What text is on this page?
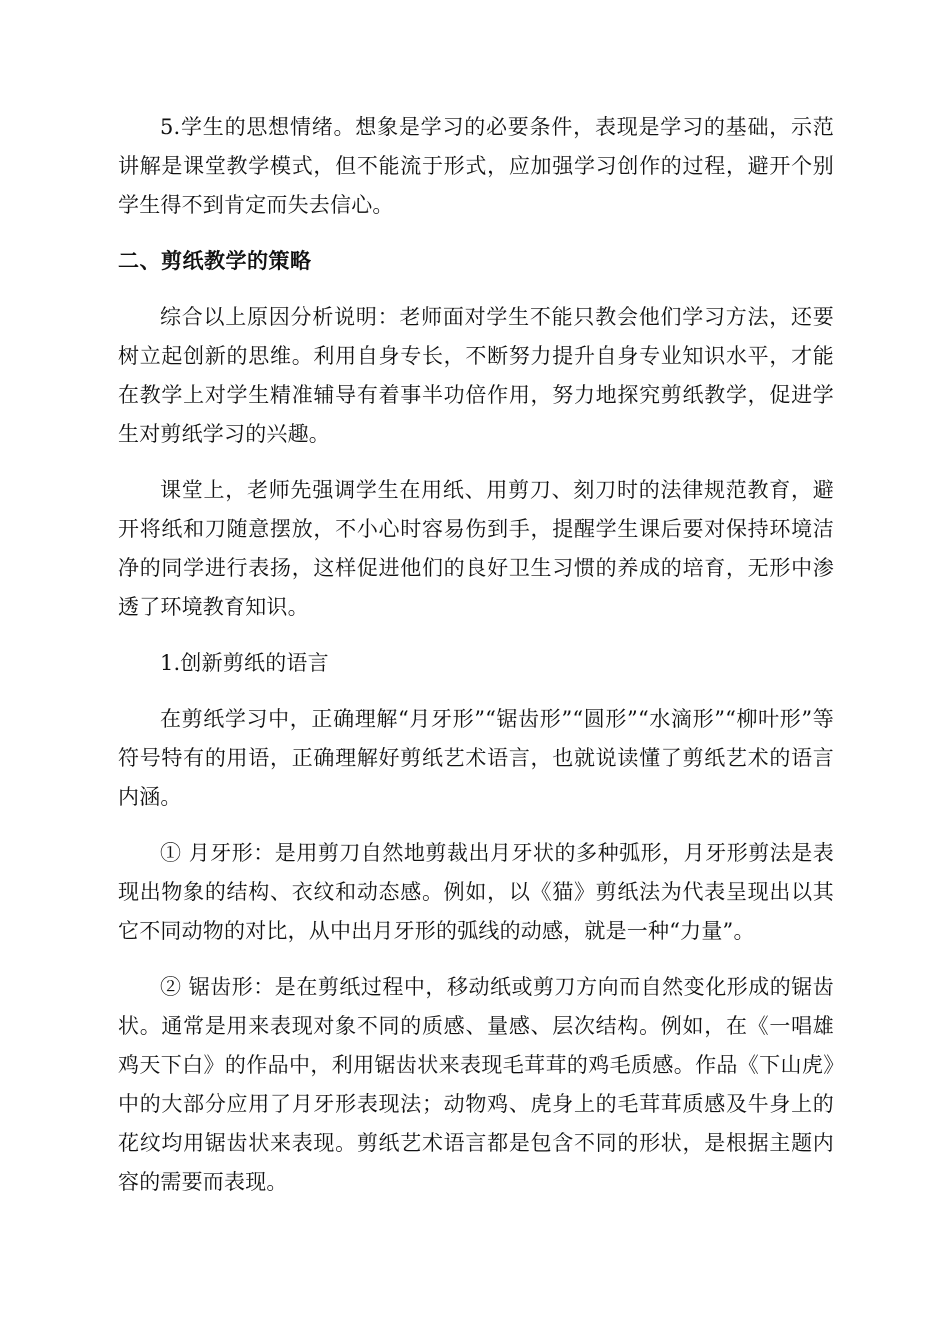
5.学生的思想情绪。想象是学习的必要条件，表现是学习的基础，示范讲解是课堂教学模式，但不能流于形式，应加强学习创作的过程，避开个别学生得不到肯定而失去信心。

二、剪纸教学的策略

综合以上原因分析说明：老师面对学生不能只教会他们学习方法，还要树立起创新的思维。利用自身专长，不断努力提升自身专业知识水平，才能在教学上对学生精准辅导有着事半功倍作用，努力地探究剪纸教学，促进学生对剪纸学习的兴趣。

课堂上，老师先强调学生在用纸、用剪刀、刻刀时的法律规范教育，避开将纸和刀随意摆放，不小心时容易伤到手，提醒学生课后要对保持环境洁净的同学进行表扬，这样促进他们的良好卫生习惯的养成的培育，无形中渗透了环境教育知识。

1.创新剪纸的语言

在剪纸学习中，正确理解“月牙形”“锯齿形”“圆形”“水滴形”“柳叶形”等符号特有的用语，正确理解好剪纸艺术语言，也就说读懂了剪纸艺术的语言内涵。

① 月牙形：是用剪刀自然地剪裁出月牙状的多种弧形，月牙形剪法是表现出物象的结构、衣纹和动态感。例如，以《猫》剪纸法为代表呈现出以其它不同动物的对比，从中出月牙形的弧线的动感，就是一种“力量”。

② 锯齿形：是在剪纸过程中，移动纸或剪刀方向而自然变化形成的锯齿状。通常是用来表现对象不同的质感、量感、层次结构。例如，在《一唱雄鸡天下白》的作品中，利用锯齿状来表现毛茸茸的鸡毛质感。作品《下山虎》中的大部分应用了月牙形表现法；动物鸡、虎身上的毛茸茸质感及牛身上的花纹均用锯齿状来表现。剪纸艺术语言都是包含不同的形状，是根据主题内容的需要而表现。
